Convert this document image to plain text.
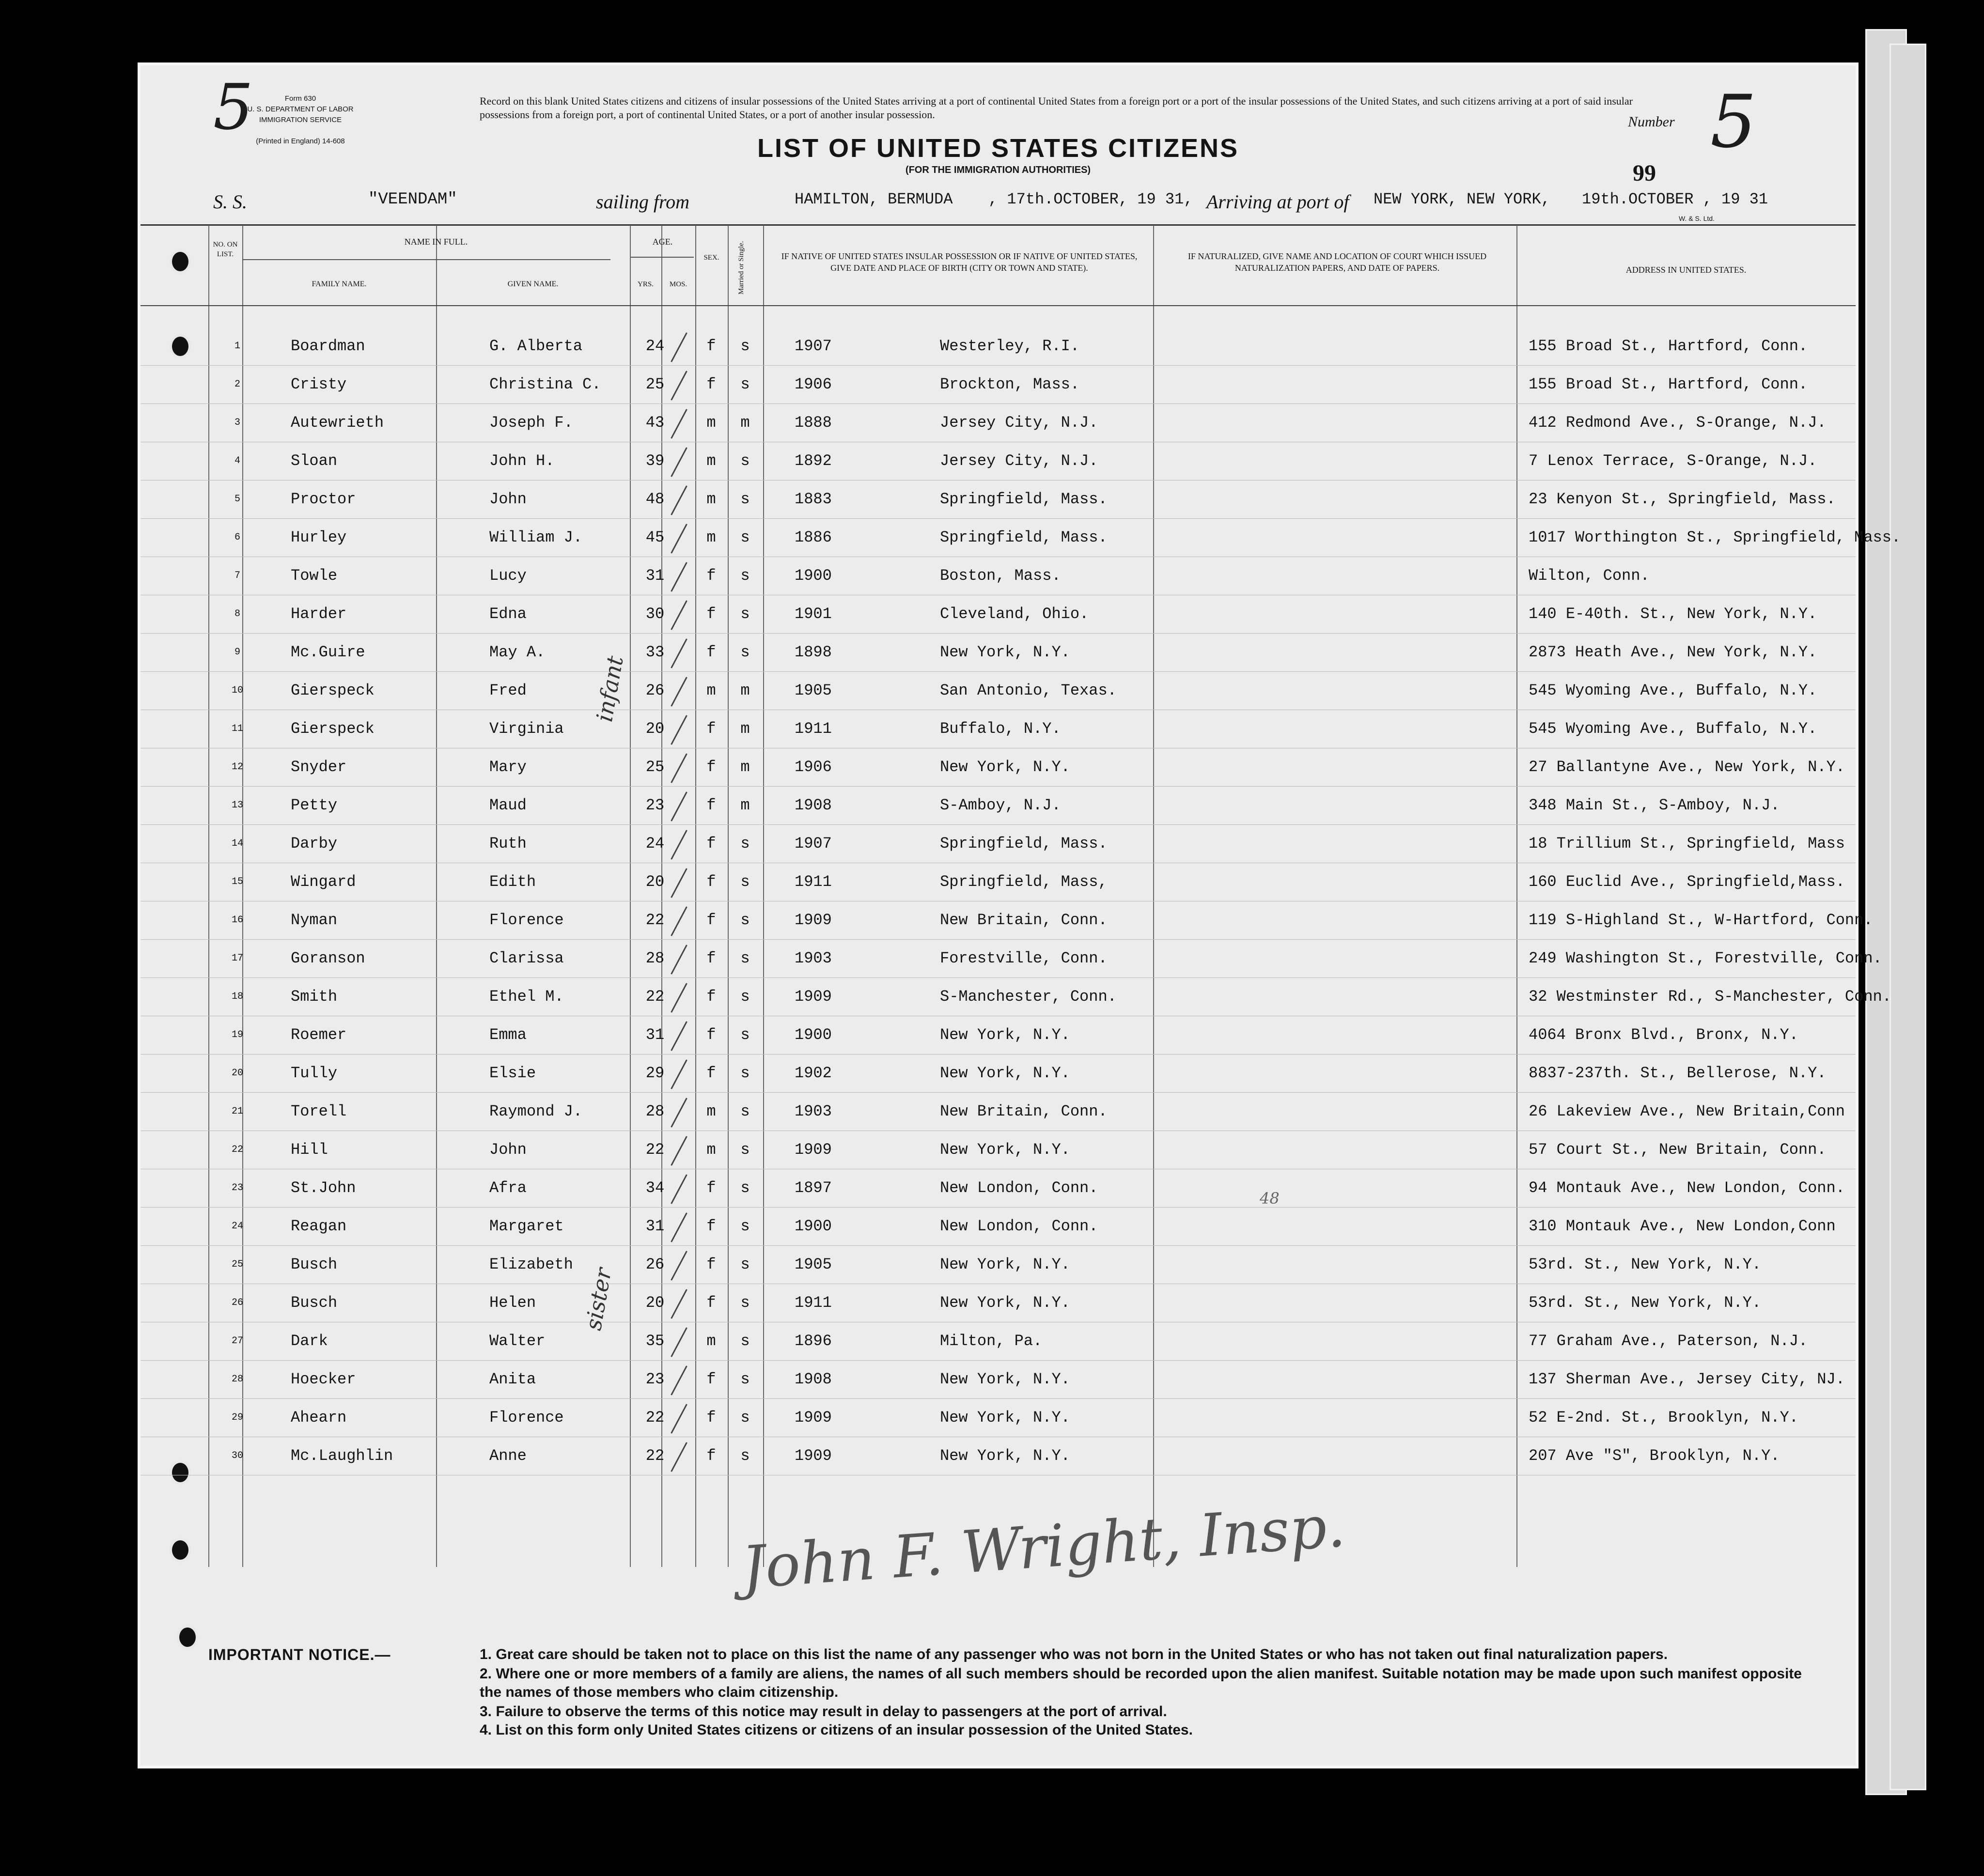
Form 630
U. S. DEPARTMENT OF LABOR
IMMIGRATION SERVICE
(Printed in England) 14-608
5	Record on this blank United States citizens and citizens of insular possessions of the United States arriving at a port of continental United States from a foreign port or a port of the insular possessions of the United States, and such citizens arriving at a port of said insular possessions from a foreign port, a port of continental United States, or a port of another insular possession.	Number 5
LIST OF UNITED STATES CITIZENS
(FOR THE IMMIGRATION AUTHORITIES)	99
S. S.	"VEENDAM"	sailing from	HAMILTON, BERMUDA , 17th.OCTOBER, 19 31, Arriving at port of NEW YORK, NEW YORK, 19th.OCTOBER , 19 31
W. & S. Ltd.
NO. ON LIST.
NAME IN FULL.
FAMILY NAME.	GIVEN NAME.
AGE.
YRS.	MOS.
SEX.	Married or Single.	IF NATIVE OF UNITED STATES INSULAR POSSESSION OR IF NATIVE OF UNITED STATES, GIVE DATE AND PLACE OF BIRTH (CITY OR TOWN AND STATE).
IF NATURALIZED, GIVE NAME AND LOCATION OF COURT WHICH ISSUED NATURALIZATION PAPERS, AND DATE OF PAPERS.	ADDRESS IN UNITED STATES.
1	Boardman	G. Alberta	24	f	s	1907	Westerley, R.I.	155 Broad St., Hartford, Conn.
2	Cristy	Christina C.	25	f	s	1906	Brockton, Mass.	155 Broad St., Hartford, Conn.
3	Autewrieth	Joseph F.	43	m	m	1888	Jersey City, N.J.	412 Redmond Ave., S-Orange, N.J.
4	Sloan	John H.	39	m	s	1892	Jersey City, N.J.	7 Lenox Terrace, S-Orange, N.J.
5	Proctor	John	48	m	s	1883	Springfield, Mass.	23 Kenyon St., Springfield, Mass.
6	Hurley	William J.	45	m	s	1886	Springfield, Mass.	1017 Worthington St., Springfield, Mass.
7	Towle	Lucy	31	f	s	1900	Boston, Mass.	Wilton, Conn.
8	Harder	Edna	30	f	s	1901	Cleveland, Ohio.	140 E-40th. St., New York, N.Y.
9	Mc.Guire	May A.	33	f	s	1898	New York, N.Y.	2873 Heath Ave., New York, N.Y.
10	Gierspeck	Fred	26	m	m	1905	San Antonio, Texas.	545 Wyoming Ave., Buffalo, N.Y.
11	Gierspeck	Virginia	20	f	m	1911	Buffalo, N.Y.	545 Wyoming Ave., Buffalo, N.Y.
12	Snyder	Mary	25	f	m	1906	New York, N.Y.	27 Ballantyne Ave., New York, N.Y.
13	Petty	Maud	23	f	m	1908	S-Amboy, N.J.	348 Main St., S-Amboy, N.J.
14	Darby	Ruth	24	f	s	1907	Springfield, Mass.	18 Trillium St., Springfield, Mass
15	Wingard	Edith	20	f	s	1911	Springfield, Mass,	160 Euclid Ave., Springfield,Mass.
16	Nyman	Florence	22	f	s	1909	New Britain, Conn.	119 S-Highland St., W-Hartford, Conn.
17	Goranson	Clarissa	28	f	s	1903	Forestville, Conn.	249 Washington St., Forestville, Conn.
18	Smith	Ethel M.	22	f	s	1909	S-Manchester, Conn.	32 Westminster Rd., S-Manchester, Conn.
19	Roemer	Emma	31	f	s	1900	New York, N.Y.	4064 Bronx Blvd., Bronx, N.Y.
20	Tully	Elsie	29	f	s	1902	New York, N.Y.	8837-237th. St., Bellerose, N.Y.
21	Torell	Raymond J.	28	m	s	1903	New Britain, Conn.	26 Lakeview Ave., New Britain,Conn
22	Hill	John	22	m	s	1909	New York, N.Y.	57 Court St., New Britain, Conn.
23	St.John	Afra	34	f	s	1897	New London, Conn.	94 Montauk Ave., New London, Conn.
24	Reagan	Margaret	31	f	s	1900	New London, Conn.	310 Montauk Ave., New London,Conn
25	Busch	Elizabeth	26	f	s	1905	New York, N.Y.	53rd. St., New York, N.Y.
26	Busch	Helen	20	f	s	1911	New York, N.Y.	53rd. St., New York, N.Y.
27	Dark	Walter	35	m	s	1896	Milton, Pa.	77 Graham Ave., Paterson, N.J.
28	Hoecker	Anita	23	f	s	1908	New York, N.Y.	137 Sherman Ave., Jersey City, NJ.
29	Ahearn	Florence	22	f	s	1909	New York, N.Y.	52 E-2nd. St., Brooklyn, N.Y.
30	Mc.Laughlin	Anne	22	f	s	1909	New York, N.Y.	207 Ave "S", Brooklyn, N.Y.
infant
sister
48
John F. Wright, Insp.
IMPORTANT NOTICE.—	1. Great care should be taken not to place on this list the name of any passenger who was not born in the United States or who has not taken out final naturalization papers.
2. Where one or more members of a family are aliens, the names of all such members should be recorded upon the alien manifest. Suitable notation may be made upon such manifest opposite the names of those members who claim citizenship.
3. Failure to observe the terms of this notice may result in delay to passengers at the port of arrival.
4. List on this form only United States citizens or citizens of an insular possession of the United States.
